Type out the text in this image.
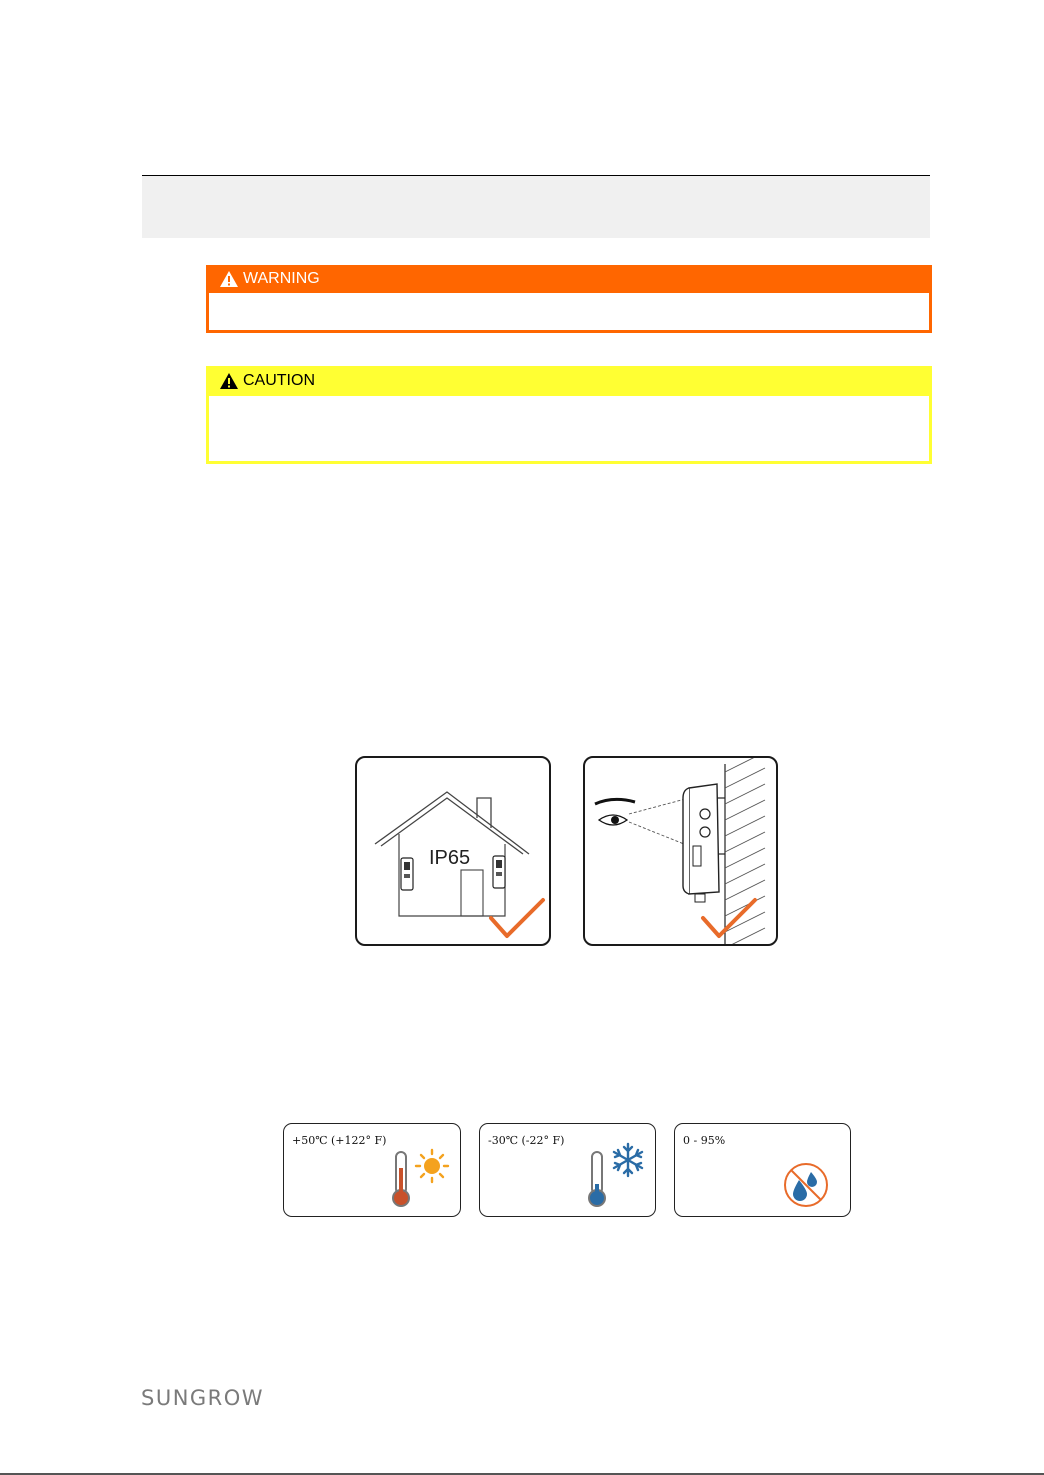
WARNING
CAUTION
IP65
+50℃ (+122° F)	-30℃ (-22° F)	0 - 95%
SUNGROW
